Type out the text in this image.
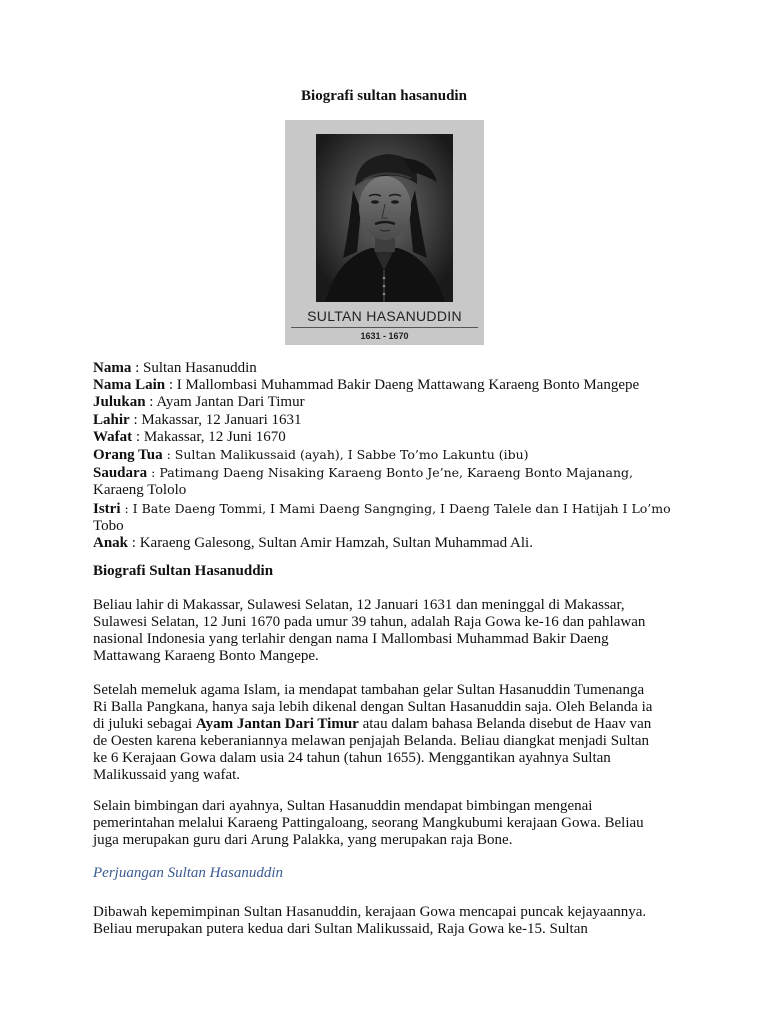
Biografi sultan hasanudin
SULTAN HASANUDDIN
1631 - 1670
Nama : Sultan Hasanuddin
Nama Lain : I Mallombasi Muhammad Bakir Daeng Mattawang Karaeng Bonto Mangepe
Julukan : Ayam Jantan Dari Timur
Lahir : Makassar, 12 Januari 1631
Wafat : Makassar, 12 Juni 1670
Orang Tua : Sultan Malikussaid (ayah), I Sabbe To’mo Lakuntu (ibu)
Saudara : Patimang Daeng Nisaking Karaeng Bonto Je’ne, Karaeng Bonto Majanang,
Karaeng Tololo
Istri : I Bate Daeng Tommi, I Mami Daeng Sangnging, I Daeng Talele dan I Hatijah I Lo’mo
Tobo
Anak : Karaeng Galesong, Sultan Amir Hamzah, Sultan Muhammad Ali.
Biografi Sultan Hasanuddin
Beliau lahir di Makassar, Sulawesi Selatan, 12 Januari 1631 dan meninggal di Makassar,
Sulawesi Selatan, 12 Juni 1670 pada umur 39 tahun, adalah Raja Gowa ke-16 dan pahlawan
nasional Indonesia yang terlahir dengan nama I Mallombasi Muhammad Bakir Daeng
Mattawang Karaeng Bonto Mangepe.
Setelah memeluk agama Islam, ia mendapat tambahan gelar Sultan Hasanuddin Tumenanga
Ri Balla Pangkana, hanya saja lebih dikenal dengan Sultan Hasanuddin saja. Oleh Belanda ia
di juluki sebagai Ayam Jantan Dari Timur atau dalam bahasa Belanda disebut de Haav van
de Oesten karena keberaniannya melawan penjajah Belanda. Beliau diangkat menjadi Sultan
ke 6 Kerajaan Gowa dalam usia 24 tahun (tahun 1655). Menggantikan ayahnya Sultan
Malikussaid yang wafat.
Selain bimbingan dari ayahnya, Sultan Hasanuddin mendapat bimbingan mengenai
pemerintahan melalui Karaeng Pattingaloang, seorang Mangkubumi kerajaan Gowa. Beliau
juga merupakan guru dari Arung Palakka, yang merupakan raja Bone.
Perjuangan Sultan Hasanuddin
Dibawah kepemimpinan Sultan Hasanuddin, kerajaan Gowa mencapai puncak kejayaannya.
Beliau merupakan putera kedua dari Sultan Malikussaid, Raja Gowa ke-15. Sultan
